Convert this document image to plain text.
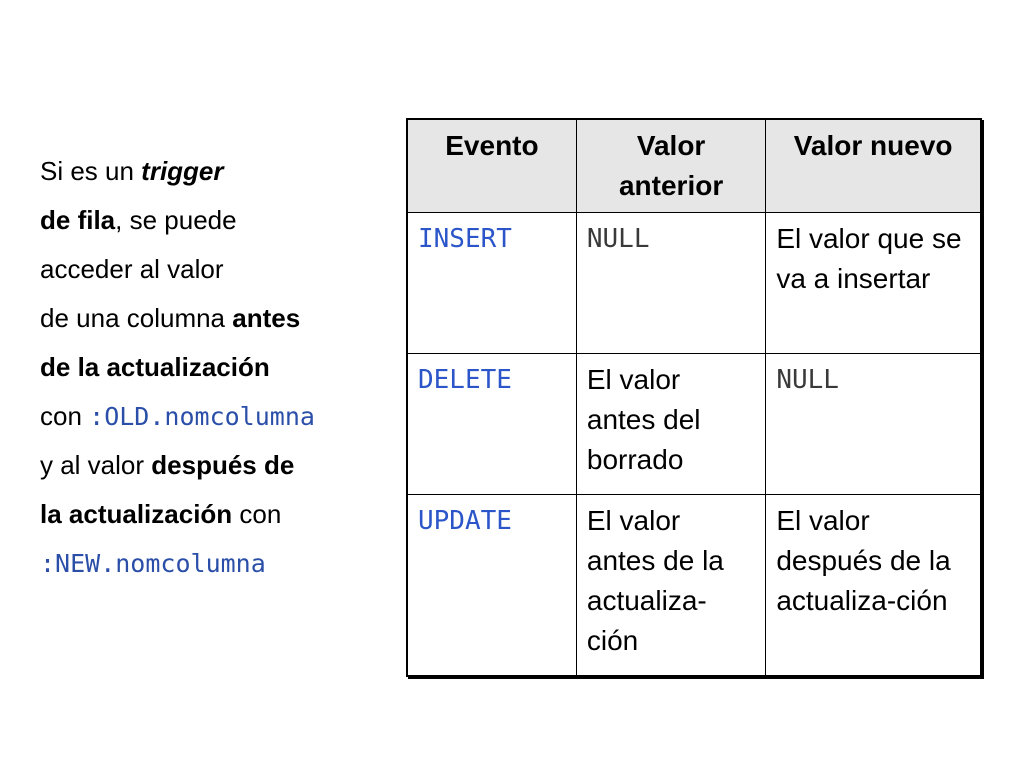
Si es un trigger
de fila, se puede
acceder al valor
de una columna antes
de la actualización
con :OLD.nomcolumna
y al valor después de
la actualización con
:NEW.nomcolumna
Evento	Valor anterior	Valor nuevo
INSERT	NULL	El valor que se va a insertar
DELETE	El valor antes del borrado	NULL
UPDATE	El valor antes de la actualiza-ción	El valor después de la actualiza-ción
